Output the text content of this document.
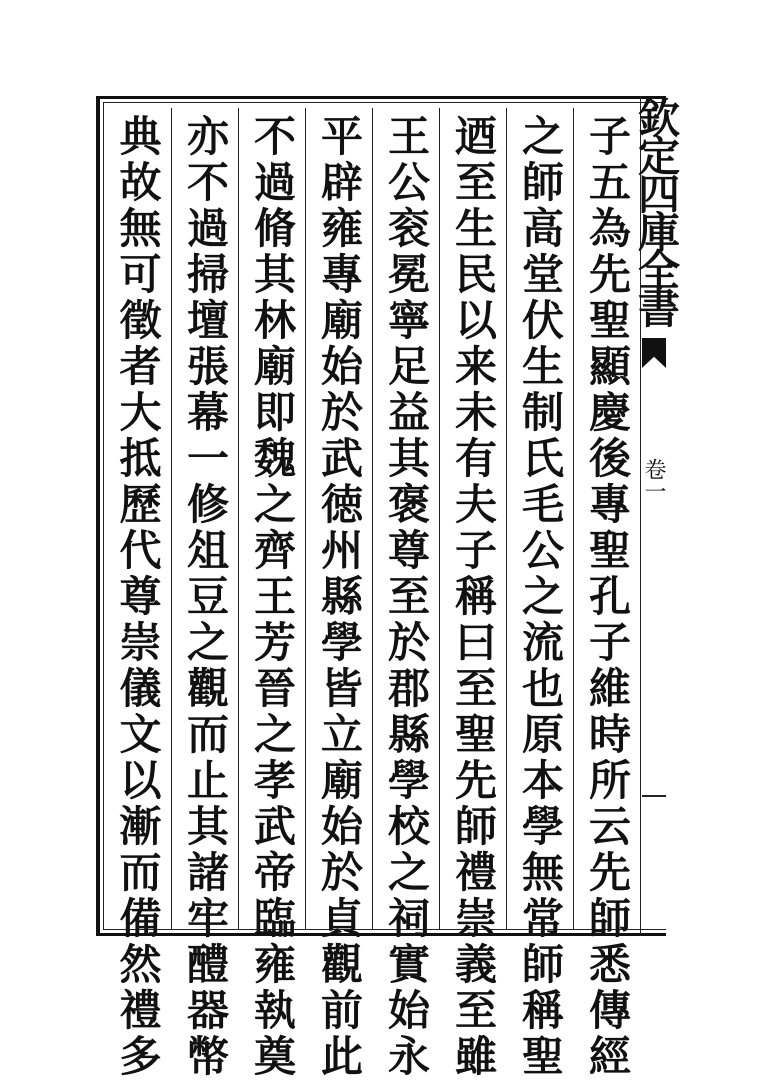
欽定四庫全書
卷一
子五為先聖顯慶後專聖孔子維時所云先師悉傳經
之師高堂伏生制氏毛公之流也原本學無常師稱聖
迺至生民以来未有夫子稱曰至聖先師禮崇義至雖
王公衮冕寧足益其褒尊至於郡縣學校之祠實始永
平辟雍專廟始於武徳州縣學皆立廟始於貞觀前此
不過脩其林廟即魏之齊王芳晉之孝武帝臨雍執奠
亦不過掃壇張幕一修俎豆之觀而止其諸牢醴器幣
典故無可徵者大抵歷代尊崇儀文以漸而備然禮多
